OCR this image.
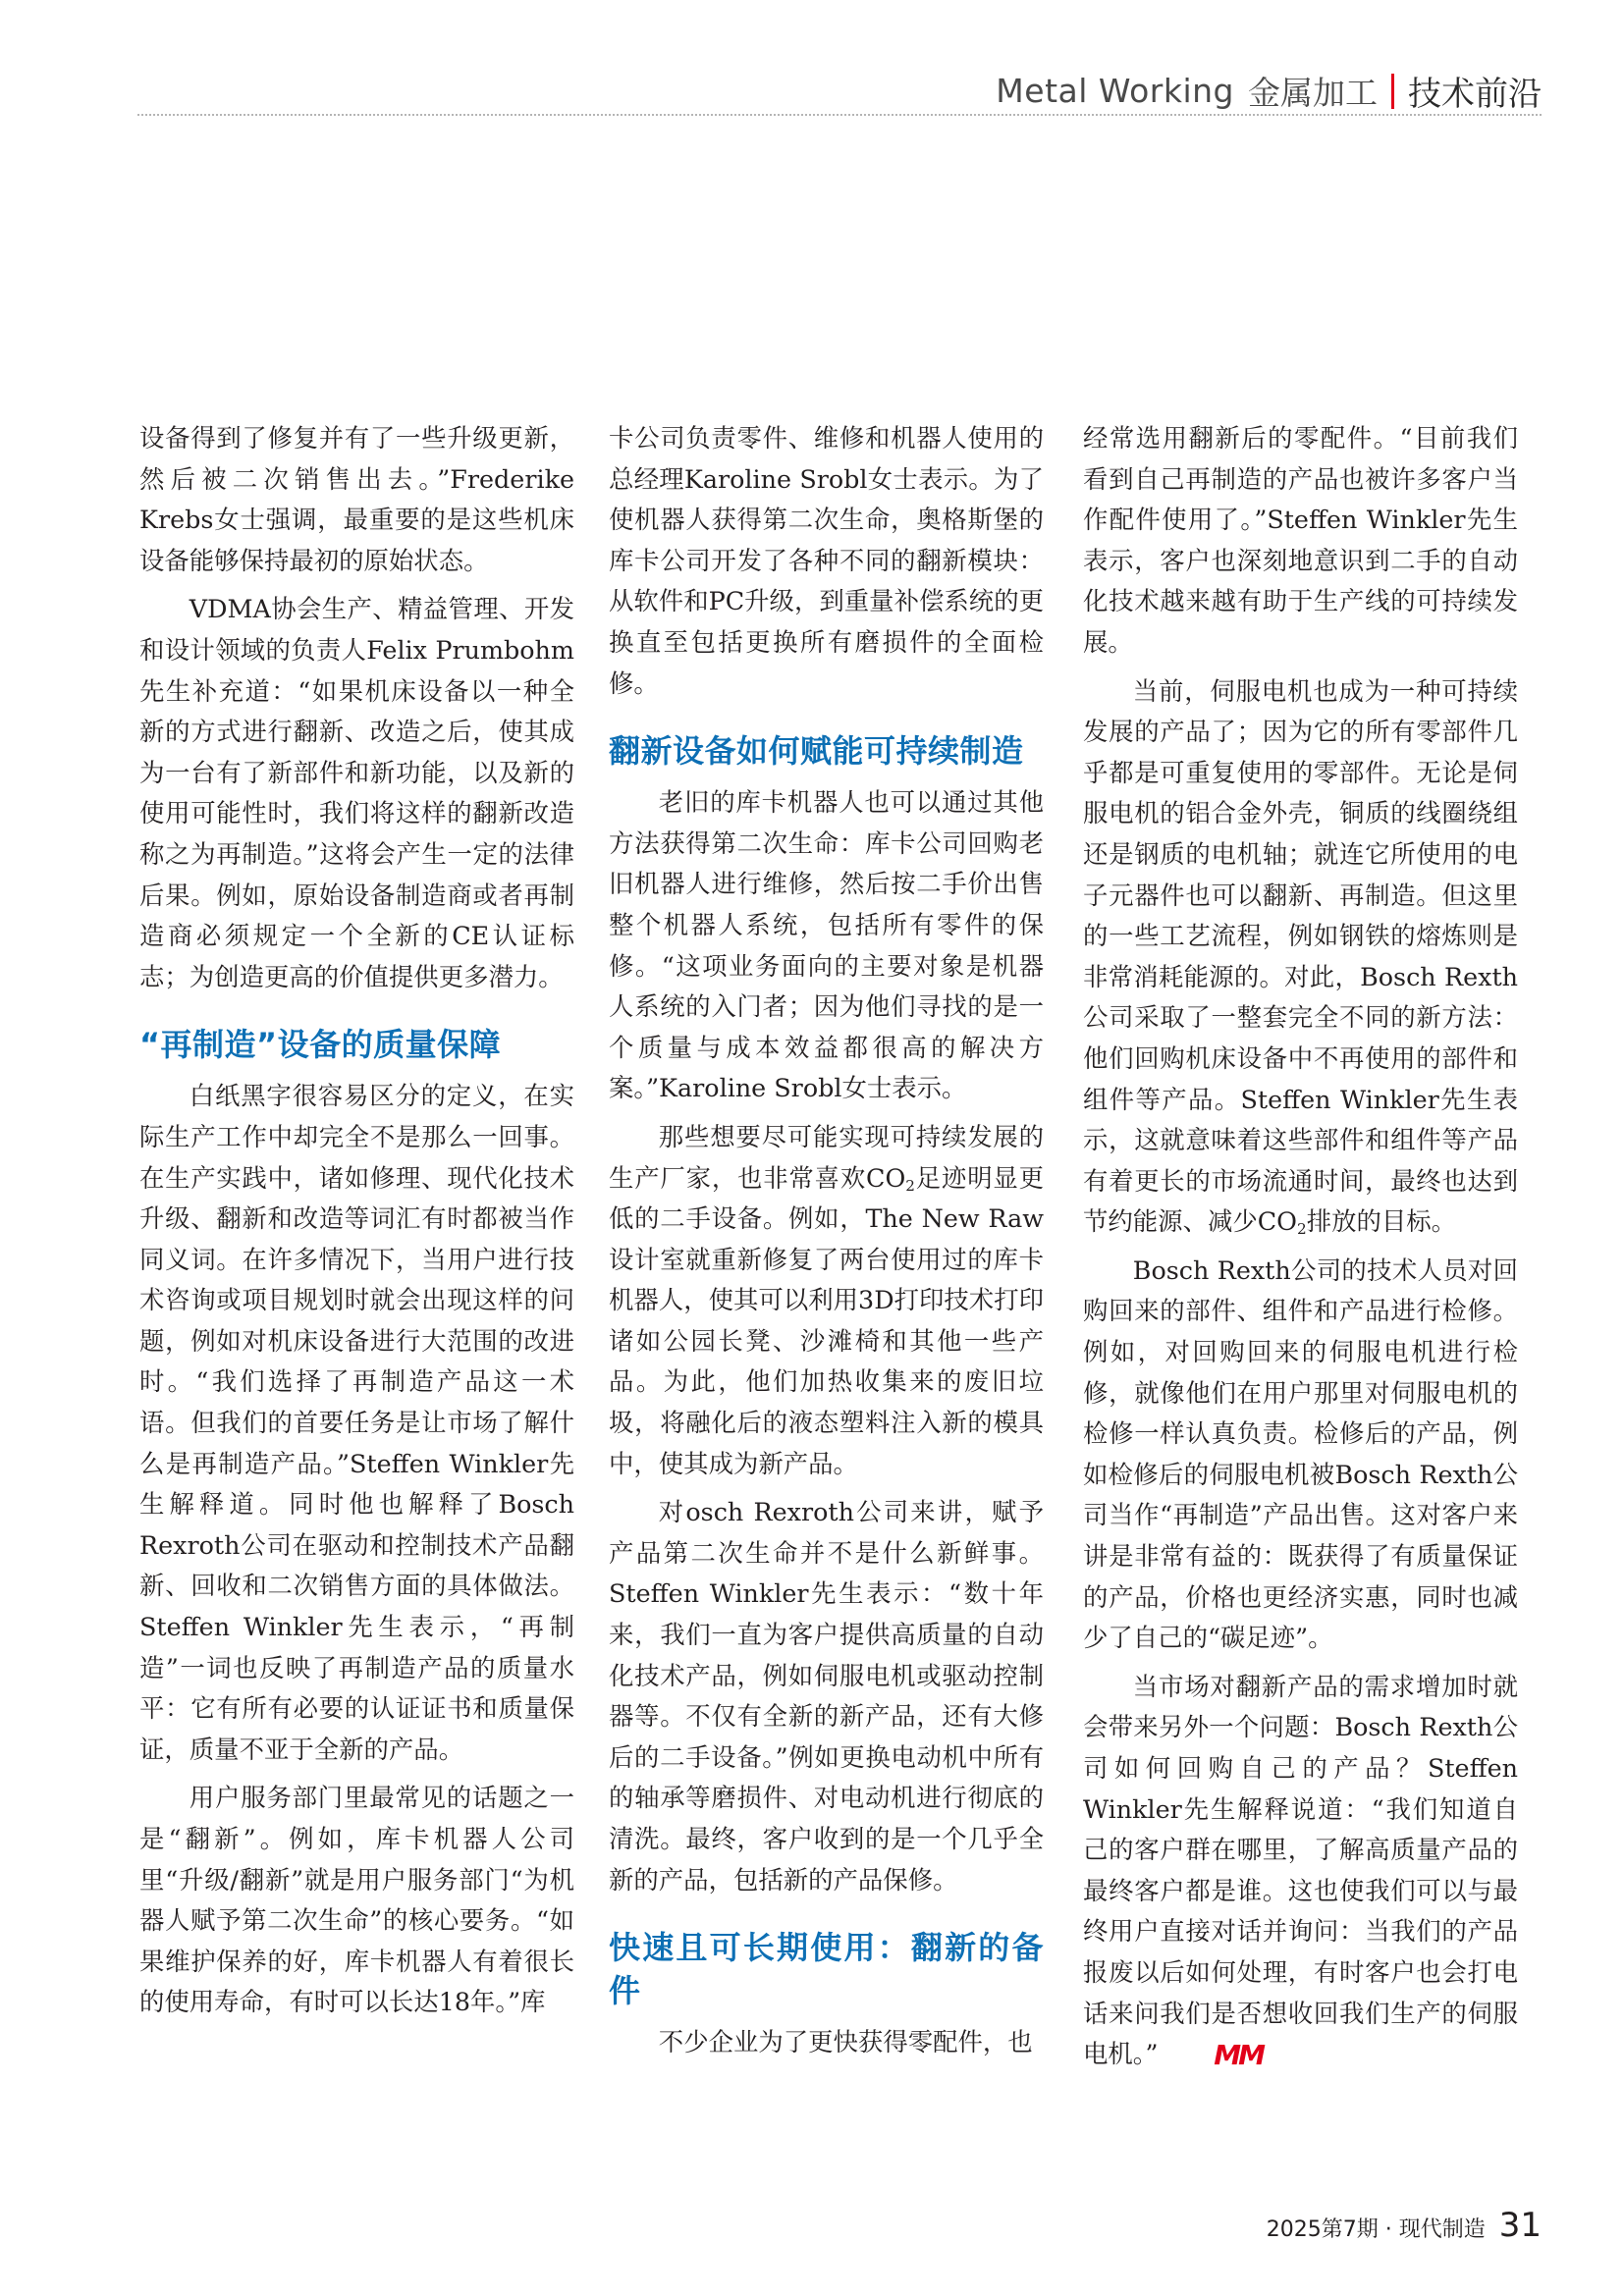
Metal Working 金属加工 技术前沿

设备得到了修复并有了一些升级更新，然后被二次销售出去。”Frederike Krebs女士强调，最重要的是这些机床设备能够保持最初的原始状态。

VDMA协会生产、精益管理、开发和设计领域的负责人Felix Prumbohm先生补充道：“如果机床设备以一种全新的方式进行翻新、改造之后，使其成为一台有了新部件和新功能，以及新的使用可能性时，我们将这样的翻新改造称之为再制造。”这将会产生一定的法律后果。例如，原始设备制造商或者再制造商必须规定一个全新的CE认证标志；为创造更高的价值提供更多潜力。

“再制造”设备的质量保障

白纸黑字很容易区分的定义，在实际生产工作中却完全不是那么一回事。在生产实践中，诸如修理、现代化技术升级、翻新和改造等词汇有时都被当作同义词。在许多情况下，当用户进行技术咨询或项目规划时就会出现这样的问题，例如对机床设备进行大范围的改进时。“我们选择了再制造产品这一术语。但我们的首要任务是让市场了解什么是再制造产品。”Steffen Winkler先生解释道。同时他也解释了Bosch Rexroth公司在驱动和控制技术产品翻新、回收和二次销售方面的具体做法。Steffen Winkler先生表示，“再制造”一词也反映了再制造产品的质量水平：它有所有必要的认证证书和质量保证，质量不亚于全新的产品。

用户服务部门里最常见的话题之一是“翻新”。例如，库卡机器人公司里“升级/翻新”就是用户服务部门“为机器人赋予第二次生命”的核心要务。“如果维护保养的好，库卡机器人有着很长的使用寿命，有时可以长达18年。”库

卡公司负责零件、维修和机器人使用的总经理Karoline Srobl女士表示。为了使机器人获得第二次生命，奥格斯堡的库卡公司开发了各种不同的翻新模块：从软件和PC升级，到重量补偿系统的更换直至包括更换所有磨损件的全面检修。

翻新设备如何赋能可持续制造

老旧的库卡机器人也可以通过其他方法获得第二次生命：库卡公司回购老旧机器人进行维修，然后按二手价出售整个机器人系统，包括所有零件的保修。“这项业务面向的主要对象是机器人系统的入门者；因为他们寻找的是一个质量与成本效益都很高的解决方案。”Karoline Srobl女士表示。

那些想要尽可能实现可持续发展的生产厂家，也非常喜欢$CO_2$足迹明显更低的二手设备。例如，The New Raw设计室就重新修复了两台使用过的库卡机器人，使其可以利用3D打印技术打印诸如公园长凳、沙滩椅和其他一些产品。为此，他们加热收集来的废旧垃圾，将融化后的液态塑料注入新的模具中，使其成为新产品。

对osch Rexroth公司来讲，赋予产品第二次生命并不是什么新鲜事。Steffen Winkler先生表示：“数十年来，我们一直为客户提供高质量的自动化技术产品，例如伺服电机或驱动控制器等。不仅有全新的新产品，还有大修后的二手设备。”例如更换电动机中所有的轴承等磨损件、对电动机进行彻底的清洗。最终，客户收到的是一个几乎全新的产品，包括新的产品保修。

快速且可长期使用：翻新的备件

不少企业为了更快获得零配件，也

经常选用翻新后的零配件。“目前我们看到自己再制造的产品也被许多客户当作配件使用了。”Steffen Winkler先生表示，客户也深刻地意识到二手的自动化技术越来越有助于生产线的可持续发展。

当前，伺服电机也成为一种可持续发展的产品了；因为它的所有零部件几乎都是可重复使用的零部件。无论是伺服电机的铝合金外壳，铜质的线圈绕组还是钢质的电机轴；就连它所使用的电子元器件也可以翻新、再制造。但这里的一些工艺流程，例如钢铁的熔炼则是非常消耗能源的。对此，Bosch Rexth公司采取了一整套完全不同的新方法：他们回购机床设备中不再使用的部件和组件等产品。Steffen Winkler先生表示，这就意味着这些部件和组件等产品有着更长的市场流通时间，最终也达到节约能源、减少$CO_2$排放的目标。

Bosch Rexth公司的技术人员对回购回来的部件、组件和产品进行检修。例如，对回购回来的伺服电机进行检修，就像他们在用户那里对伺服电机的检修一样认真负责。检修后的产品，例如检修后的伺服电机被Bosch Rexth公司当作“再制造”产品出售。这对客户来讲是非常有益的：既获得了有质量保证的产品，价格也更经济实惠，同时也减少了自己的“碳足迹”。

当市场对翻新产品的需求增加时就会带来另外一个问题：Bosch Rexth公司如何回购自己的产品？Steffen Winkler先生解释说道：“我们知道自己的客户群在哪里，了解高质量产品的最终客户都是谁。这也使我们可以与最终用户直接对话并询问：当我们的产品报废以后如何处理，有时客户也会打电话来问我们是否想收回我们生产的伺服电机。” MM

2025第7期 · 现代制造 31
